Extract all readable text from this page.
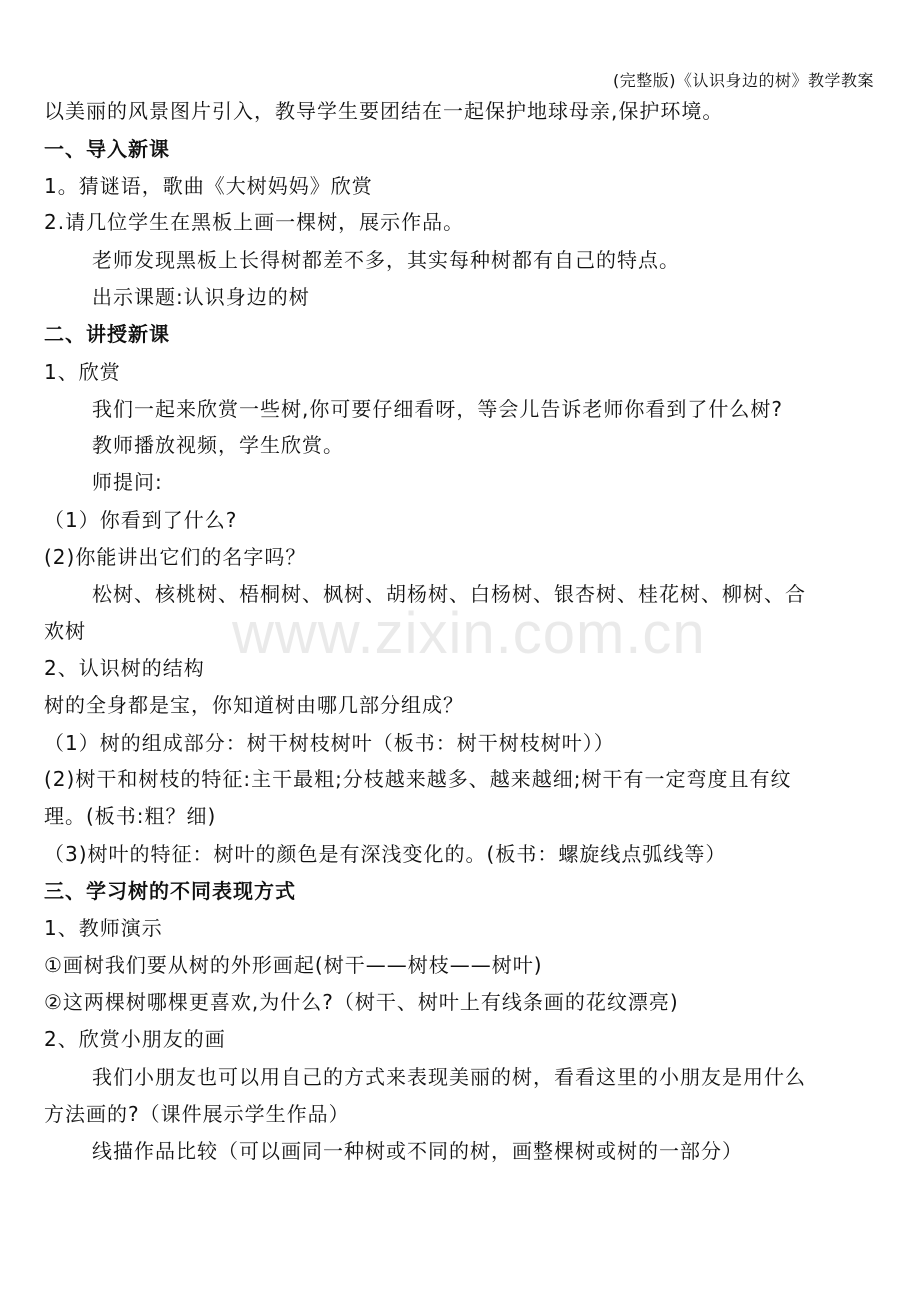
(完整版)《认识身边的树》教学教案
www.zixin.com.cn
以美丽的风景图片引入，教导学生要团结在一起保护地球母亲,保护环境。
一、导入新课
1。猜谜语，歌曲《大树妈妈》欣赏
2.请几位学生在黑板上画一棵树，展示作品。
老师发现黑板上长得树都差不多，其实每种树都有自己的特点。
出示课题:认识身边的树
二、讲授新课
1、欣赏
我们一起来欣赏一些树,你可要仔细看呀，等会儿告诉老师你看到了什么树?
教师播放视频，学生欣赏。
师提问:
（1）你看到了什么?
(2)你能讲出它们的名字吗？
松树、核桃树、梧桐树、枫树、胡杨树、白杨树、银杏树、桂花树、柳树、合
欢树
2、认识树的结构
树的全身都是宝，你知道树由哪几部分组成？
（1）树的组成部分：树干树枝树叶（板书：树干树枝树叶））
(2)树干和树枝的特征:主干最粗;分枝越来越多、越来越细;树干有一定弯度且有纹
理。(板书:粗？细)
（3)树叶的特征：树叶的颜色是有深浅变化的。(板书：螺旋线点弧线等）
三、学习树的不同表现方式
1、教师演示
①画树我们要从树的外形画起(树干——树枝——树叶)
②这两棵树哪棵更喜欢,为什么?（树干、树叶上有线条画的花纹漂亮)
2、欣赏小朋友的画
我们小朋友也可以用自己的方式来表现美丽的树，看看这里的小朋友是用什么
方法画的?（课件展示学生作品）
线描作品比较（可以画同一种树或不同的树，画整棵树或树的一部分）
